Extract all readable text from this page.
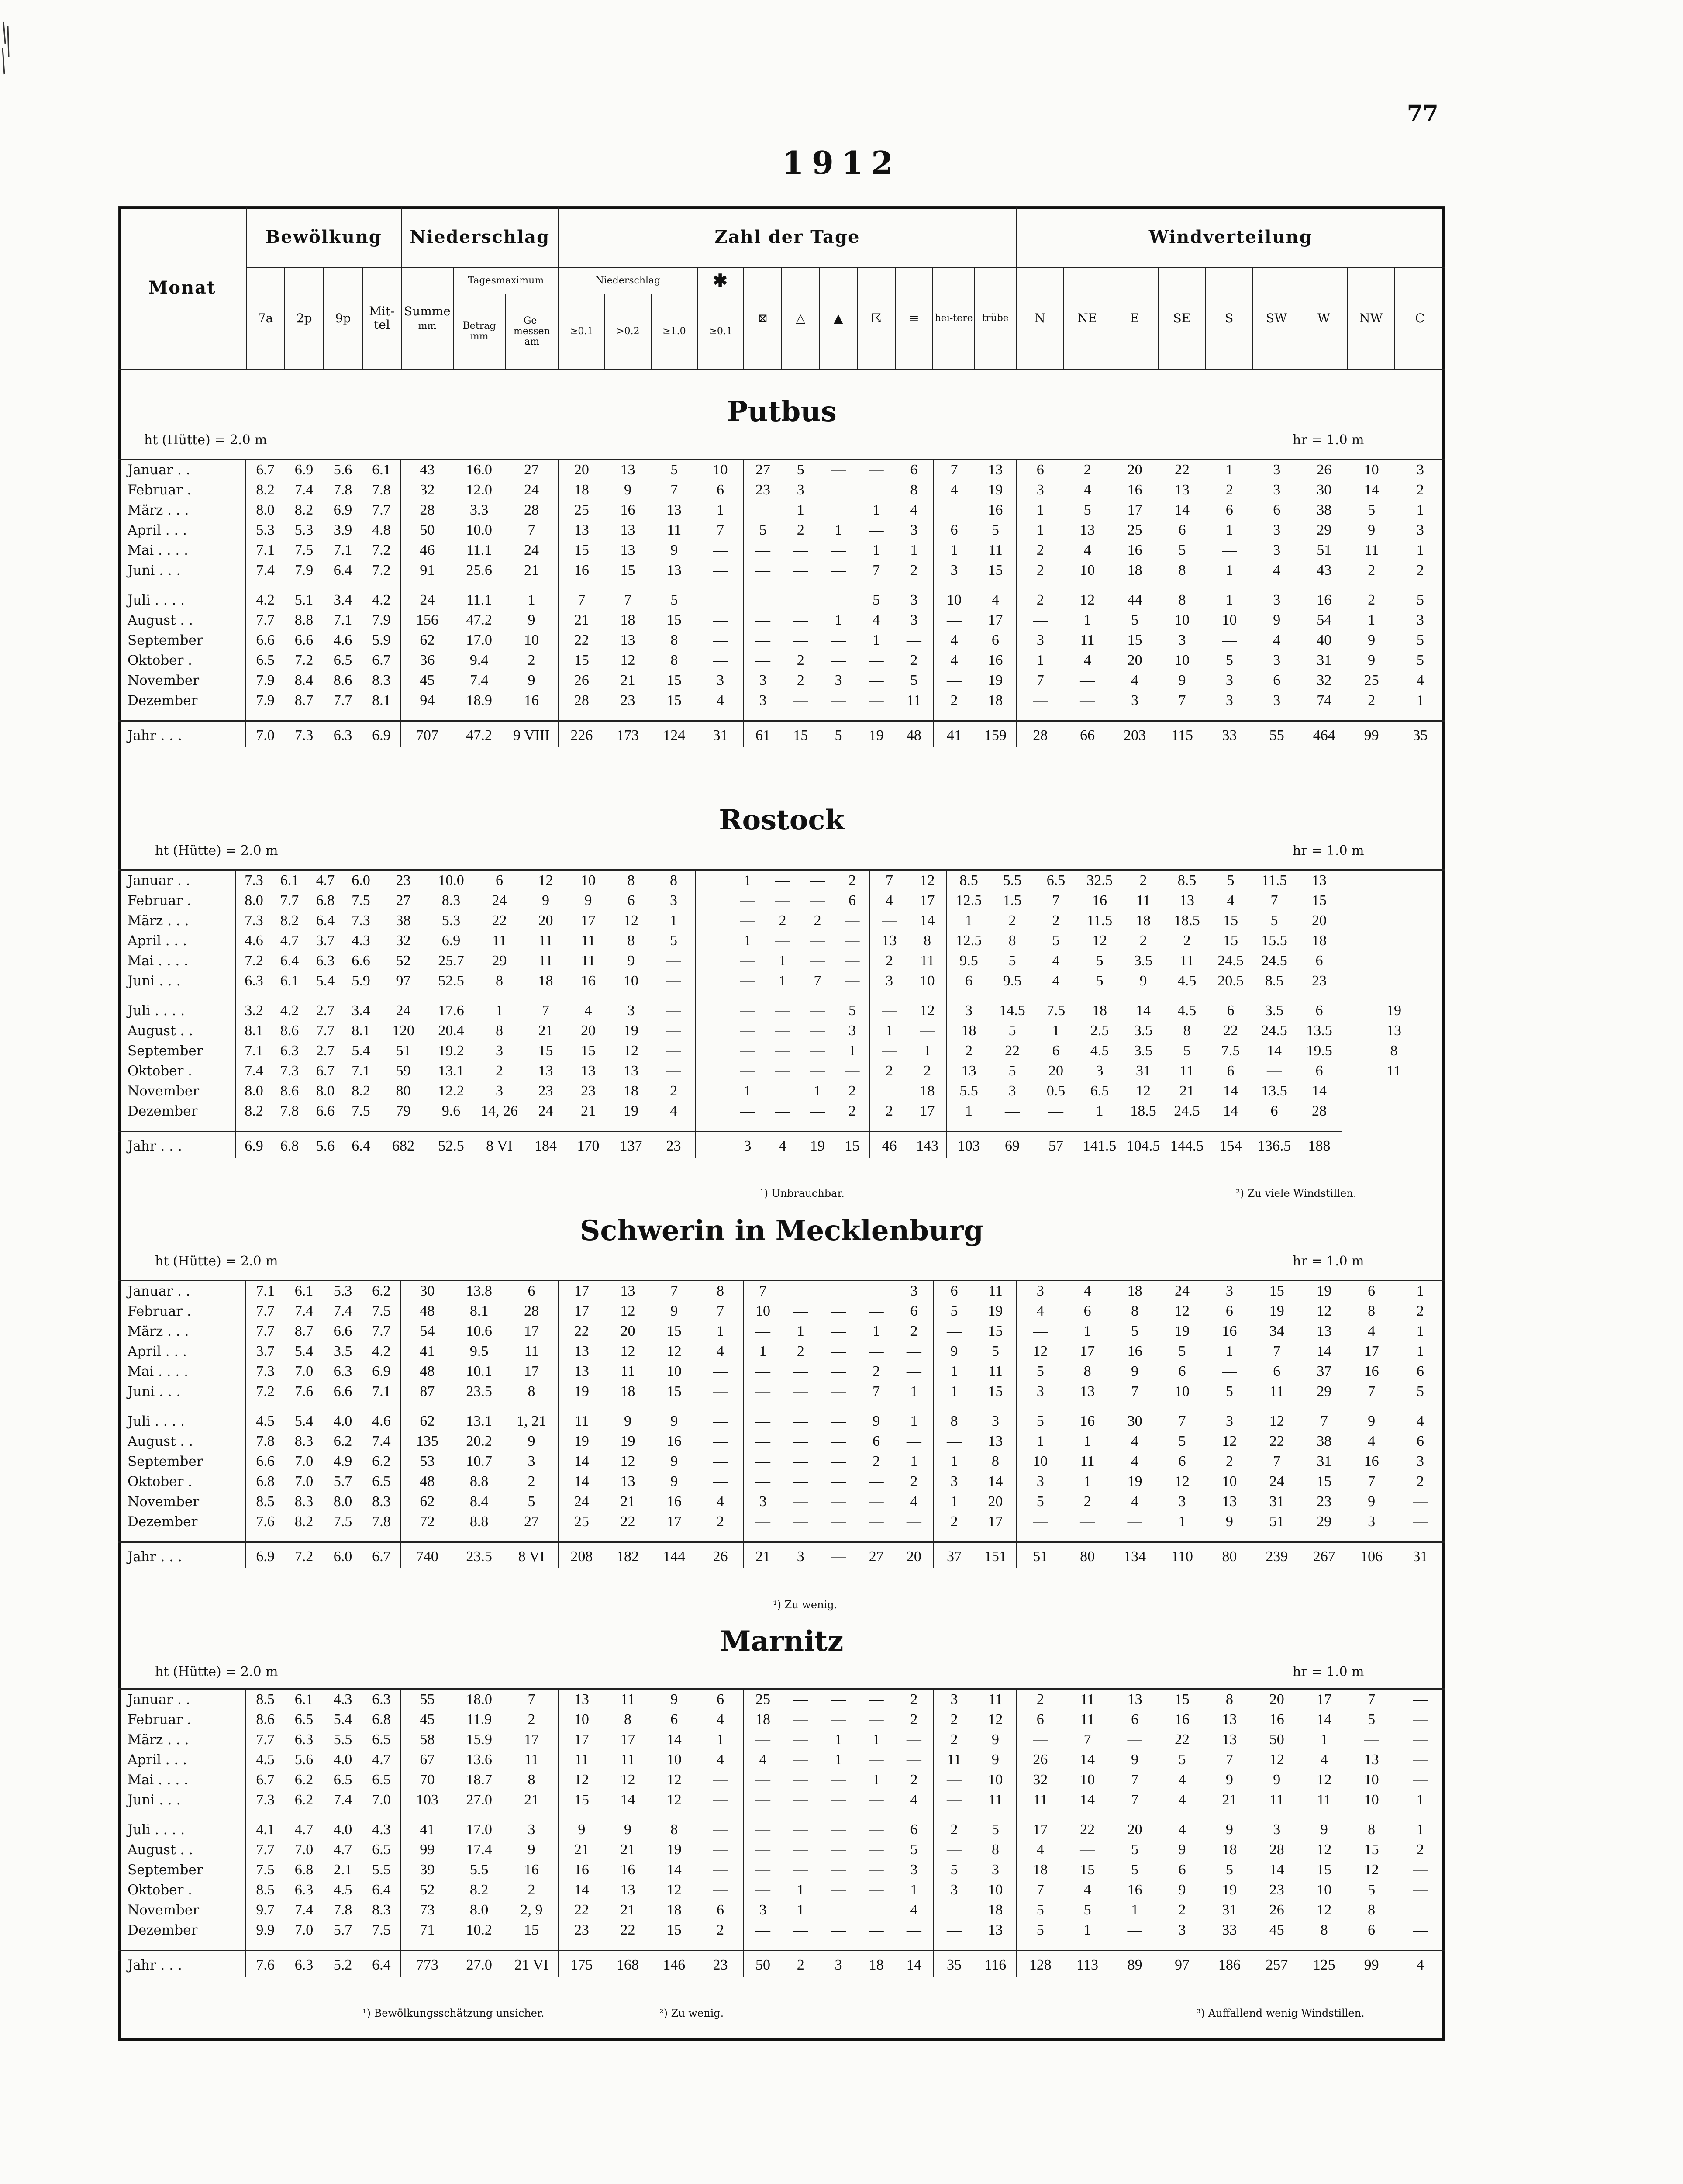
77
1912
Monat	Bewölkung				Niederschlag			Zahl der Tage											Windverteilung								
	7a	2p	9p	Mit-tel	Summe
mm	Tagesmaximum		Niederschlag			✱	⊠	△	▲	☈	≡	hei-tere	trübe	N	NE	E	SE	S	SW	W	NW	C
						Betrag
mm	Ge-messen am	≥0.1	>0.2	≥1.0	≥0.1																
Putbus
ht (Hütte) = 2.0 m	hr = 1.0 m
Januar . .	6.7	6.9	5.6	6.1	43	16.0	27	20	13	5	10	27	5	—	—	6	7	13	6	2	20	22	1	3	26	10	3
Februar .	8.2	7.4	7.8	7.8	32	12.0	24	18	9	7	6	23	3	—	—	8	4	19	3	4	16	13	2	3	30	14	2
März . . .	8.0	8.2	6.9	7.7	28	3.3	28	25	16	13	1	—	1	—	1	4	—	16	1	5	17	14	6	6	38	5	1
April . . .	5.3	5.3	3.9	4.8	50	10.0	7	13	13	11	7	5	2	1	—	3	6	5	1	13	25	6	1	3	29	9	3
Mai . . . .	7.1	7.5	7.1	7.2	46	11.1	24	15	13	9	—	—	—	—	1	1	1	11	2	4	16	5	—	3	51	11	1
Juni . . .	7.4	7.9	6.4	7.2	91	25.6	21	16	15	13	—	—	—	—	7	2	3	15	2	10	18	8	1	4	43	2	2

Juli . . . .	4.2	5.1	3.4	4.2	24	11.1	1	7	7	5	—	—	—	—	5	3	10	4	2	12	44	8	1	3	16	2	5
August . .	7.7	8.8	7.1	7.9	156	47.2	9	21	18	15	—	—	—	1	4	3	—	17	—	1	5	10	10	9	54	1	3
September	6.6	6.6	4.6	5.9	62	17.0	10	22	13	8	—	—	—	—	1	—	4	6	3	11	15	3	—	4	40	9	5
Oktober .	6.5	7.2	6.5	6.7	36	9.4	2	15	12	8	—	—	2	—	—	2	4	16	1	4	20	10	5	3	31	9	5
November	7.9	8.4	8.6	8.3	45	7.4	9	26	21	15	3	3	2	3	—	5	—	19	7	—	4	9	3	6	32	25	4
Dezember	7.9	8.7	7.7	8.1	94	18.9	16	28	23	15	4	3	—	—	—	11	2	18	—	—	3	7	3	3	74	2	1

Jahr . . .	7.0	7.3	6.3	6.9	707	47.2	9 VIII	226	173	124	31	61	15	5	19	48	41	159	28	66	203	115	33	55	464	99	35
Rostock
ht (Hütte) = 2.0 m	hr = 1.0 m
Januar . .	7.3	6.1	4.7	6.0	23	10.0	6	12	10	8	8		1	—	—	2	7	12	8.5	5.5	6.5	32.5	2	8.5	5	11.5	13	
Februar .	8.0	7.7	6.8	7.5	27	8.3	24	9	9	6	3		—	—	—	6	4	17	12.5	1.5	7	16	11	13	4	7	15	
März . . .	7.3	8.2	6.4	7.3	38	5.3	22	20	17	12	1		—	2	2	—	—	14	1	2	2	11.5	18	18.5	15	5	20	
April . . .	4.6	4.7	3.7	4.3	32	6.9	11	11	11	8	5		1	—	—	—	13	8	12.5	8	5	12	2	2	15	15.5	18	
Mai . . . .	7.2	6.4	6.3	6.6	52	25.7	29	11	11	9	—		—	1	—	—	2	11	9.5	5	4	5	3.5	11	24.5	24.5	6	
Juni . . .	6.3	6.1	5.4	5.9	97	52.5	8	18	16	10	—		—	1	7	—	3	10	6	9.5	4	5	9	4.5	20.5	8.5	23	

Juli . . . .	3.2	4.2	2.7	3.4	24	17.6	1	7	4	3	—		—	—	—	5	—	12	3	14.5	7.5	18	14	4.5	6	3.5	6	19
August . .	8.1	8.6	7.7	8.1	120	20.4	8	21	20	19	—		—	—	—	3	1	—	18	5	1	2.5	3.5	8	22	24.5	13.5	13
September	7.1	6.3	2.7	5.4	51	19.2	3	15	15	12	—		—	—	—	1	—	1	2	22	6	4.5	3.5	5	7.5	14	19.5	8
Oktober .	7.4	7.3	6.7	7.1	59	13.1	2	13	13	13	—		—	—	—	—	2	2	13	5	20	3	31	11	6	—	6	11
November	8.0	8.6	8.0	8.2	80	12.2	3	23	23	18	2		1	—	1	2	—	18	5.5	3	0.5	6.5	12	21	14	13.5	14	
Dezember	8.2	7.8	6.6	7.5	79	9.6	14, 26	24	21	19	4		—	—	—	2	2	17	1	—	—	1	18.5	24.5	14	6	28	

Jahr . . .	6.9	6.8	5.6	6.4	682	52.5	8 VI	184	170	137	23		3	4	19	15	46	143	103	69	57	141.5	104.5	144.5	154	136.5	188	
¹) Unbrauchbar.	²) Zu viele Windstillen.
Schwerin in Mecklenburg
ht (Hütte) = 2.0 m	hr = 1.0 m
Januar . .	7.1	6.1	5.3	6.2	30	13.8	6	17	13	7	8	7	—	—	—	3	6	11	3	4	18	24	3	15	19	6	1
Februar .	7.7	7.4	7.4	7.5	48	8.1	28	17	12	9	7	10	—	—	—	6	5	19	4	6	8	12	6	19	12	8	2
März . . .	7.7	8.7	6.6	7.7	54	10.6	17	22	20	15	1	—	1	—	1	2	—	15	—	1	5	19	16	34	13	4	1
April . . .	3.7	5.4	3.5	4.2	41	9.5	11	13	12	12	4	1	2	—	—	—	9	5	12	17	16	5	1	7	14	17	1
Mai . . . .	7.3	7.0	6.3	6.9	48	10.1	17	13	11	10	—	—	—	—	2	—	1	11	5	8	9	6	—	6	37	16	6
Juni . . .	7.2	7.6	6.6	7.1	87	23.5	8	19	18	15	—	—	—	—	7	1	1	15	3	13	7	10	5	11	29	7	5

Juli . . . .	4.5	5.4	4.0	4.6	62	13.1	1, 21	11	9	9	—	—	—	—	9	1	8	3	5	16	30	7	3	12	7	9	4
August . .	7.8	8.3	6.2	7.4	135	20.2	9	19	19	16	—	—	—	—	6	—	—	13	1	1	4	5	12	22	38	4	6
September	6.6	7.0	4.9	6.2	53	10.7	3	14	12	9	—	—	—	—	2	1	1	8	10	11	4	6	2	7	31	16	3
Oktober .	6.8	7.0	5.7	6.5	48	8.8	2	14	13	9	—	—	—	—	—	2	3	14	3	1	19	12	10	24	15	7	2
November	8.5	8.3	8.0	8.3	62	8.4	5	24	21	16	4	3	—	—	—	4	1	20	5	2	4	3	13	31	23	9	—
Dezember	7.6	8.2	7.5	7.8	72	8.8	27	25	22	17	2	—	—	—	—	—	2	17	—	—	—	1	9	51	29	3	—

Jahr . . .	6.9	7.2	6.0	6.7	740	23.5	8 VI	208	182	144	26	21	3	—	27	20	37	151	51	80	134	110	80	239	267	106	31
¹) Zu wenig.
Marnitz
ht (Hütte) = 2.0 m	hr = 1.0 m
Januar . .	8.5	6.1	4.3	6.3	55	18.0	7	13	11	9	6	25	—	—	—	2	3	11	2	11	13	15	8	20	17	7	—
Februar .	8.6	6.5	5.4	6.8	45	11.9	2	10	8	6	4	18	—	—	—	2	2	12	6	11	6	16	13	16	14	5	—
März . . .	7.7	6.3	5.5	6.5	58	15.9	17	17	17	14	1	—	—	1	1	—	2	9	—	7	—	22	13	50	1	—	—
April . . .	4.5	5.6	4.0	4.7	67	13.6	11	11	11	10	4	4	—	1	—	—	11	9	26	14	9	5	7	12	4	13	—
Mai . . . .	6.7	6.2	6.5	6.5	70	18.7	8	12	12	12	—	—	—	—	1	2	—	10	32	10	7	4	9	9	12	10	—
Juni . . .	7.3	6.2	7.4	7.0	103	27.0	21	15	14	12	—	—	—	—	—	4	—	11	11	14	7	4	21	11	11	10	1

Juli . . . .	4.1	4.7	4.0	4.3	41	17.0	3	9	9	8	—	—	—	—	—	6	2	5	17	22	20	4	9	3	9	8	1
August . .	7.7	7.0	4.7	6.5	99	17.4	9	21	21	19	—	—	—	—	—	5	—	8	4	—	5	9	18	28	12	15	2
September	7.5	6.8	2.1	5.5	39	5.5	16	16	16	14	—	—	—	—	—	3	5	3	18	15	5	6	5	14	15	12	—
Oktober .	8.5	6.3	4.5	6.4	52	8.2	2	14	13	12	—	—	1	—	—	1	3	10	7	4	16	9	19	23	10	5	—
November	9.7	7.4	7.8	8.3	73	8.0	2, 9	22	21	18	6	3	1	—	—	4	—	18	5	5	1	2	31	26	12	8	—
Dezember	9.9	7.0	5.7	7.5	71	10.2	15	23	22	15	2	—	—	—	—	—	—	13	5	1	—	3	33	45	8	6	—

Jahr . . .	7.6	6.3	5.2	6.4	773	27.0	21 VI	175	168	146	23	50	2	3	18	14	35	116	128	113	89	97	186	257	125	99	4
¹) Bewölkungsschätzung unsicher.	²) Zu wenig.	³) Auffallend wenig Windstillen.
